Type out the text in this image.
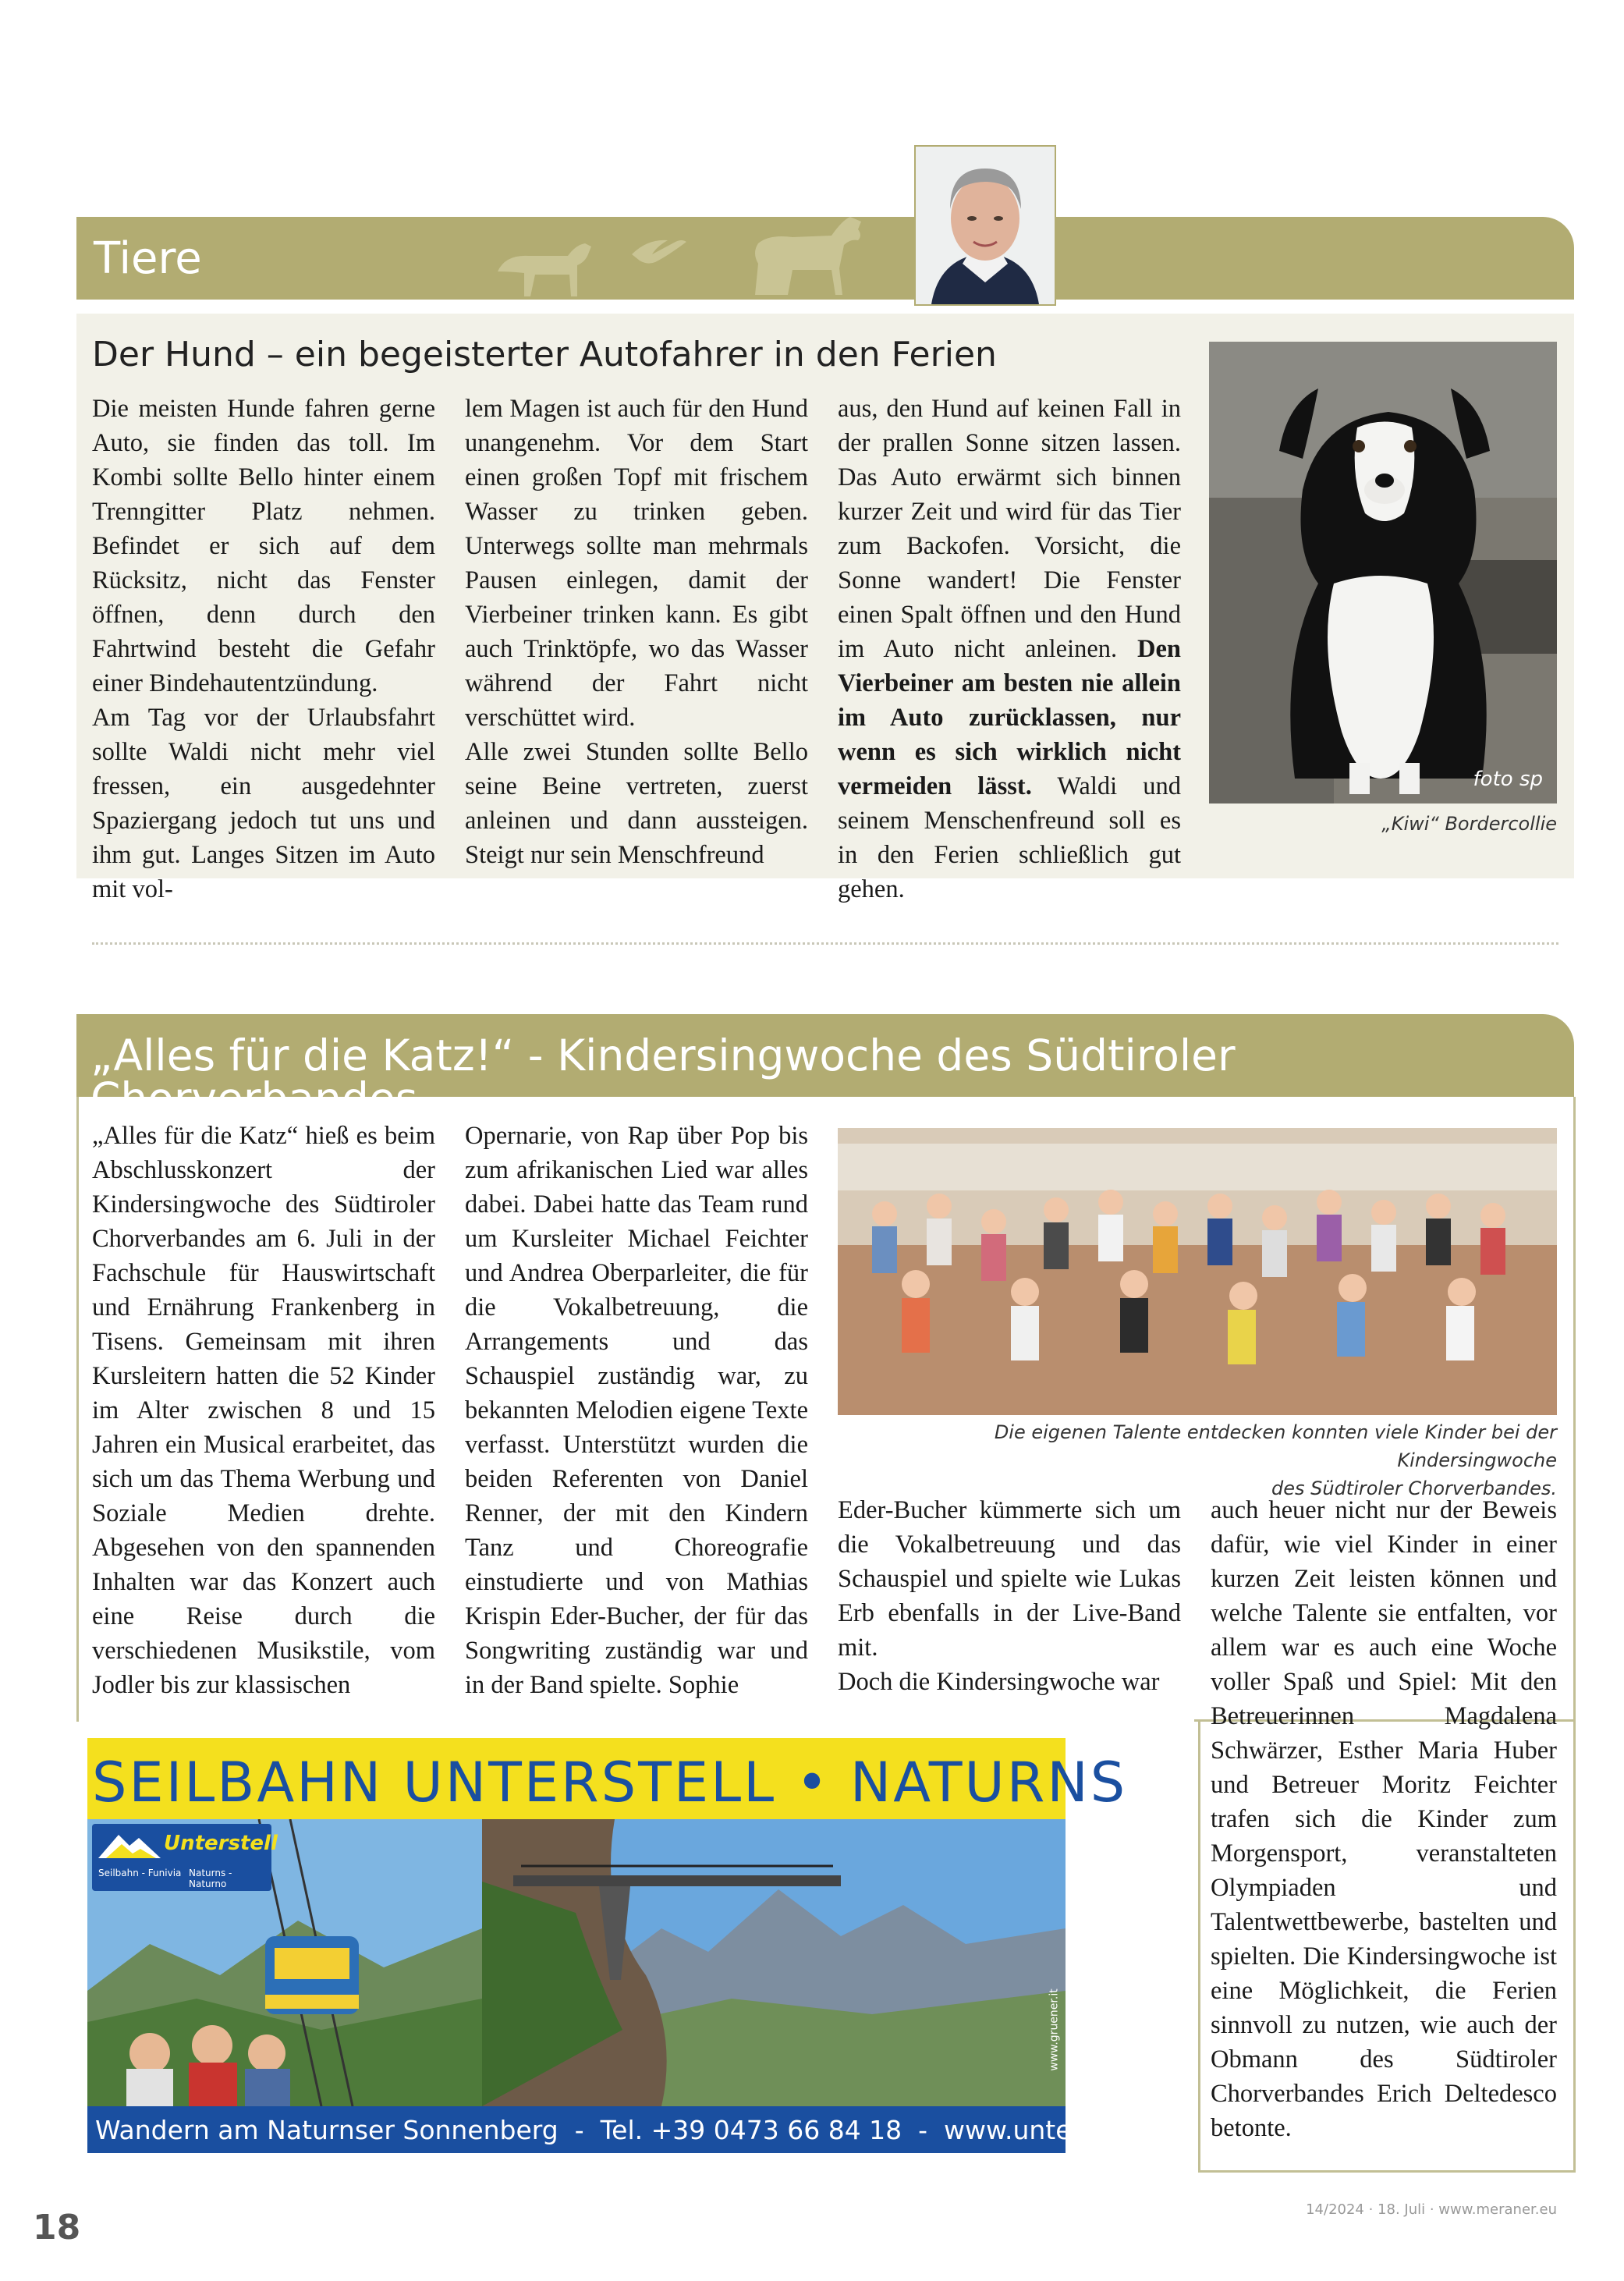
Tiere
Der Hund – ein begeisterter Autofahrer in den Ferien

Die meisten Hunde fahren gerne Auto, sie finden das toll. Im Kombi sollte Bello hinter einem Trenngitter Platz nehmen. Befindet er sich auf dem Rücksitz, nicht das Fenster öffnen, denn durch den Fahrtwind besteht die Gefahr einer Bindehautentzündung.

Am Tag vor der Urlaubsfahrt sollte Waldi nicht mehr viel fressen, ein ausgedehnter Spaziergang jedoch tut uns und ihm gut. Langes Sitzen im Auto mit vol-

lem Magen ist auch für den Hund unangenehm. Vor dem Start einen großen Topf mit frischem Wasser zu trinken geben. Unterwegs sollte man mehrmals Pausen einlegen, damit der Vierbeiner trinken kann. Es gibt auch Trinktöpfe, wo das Wasser während der Fahrt nicht verschüttet wird.

Alle zwei Stunden sollte Bello seine Beine vertreten, zuerst anleinen und dann aussteigen. Steigt nur sein Menschfreund

aus, den Hund auf keinen Fall in der prallen Sonne sitzen lassen. Das Auto erwärmt sich binnen kurzer Zeit und wird für das Tier zum Backofen. Vorsicht, die Sonne wandert! Die Fenster einen Spalt öffnen und den Hund im Auto nicht anleinen. Den Vierbeiner am besten nie allein im Auto zurücklassen, nur wenn es sich wirklich nicht vermeiden lässt. Waldi und seinem Menschenfreund soll es in den Ferien schließlich gut gehen.

foto sp
„Kiwi“ Bordercollie
„Alles für die Katz!“ - Kindersingwoche des Südtiroler Chorverbandes

„Alles für die Katz“ hieß es beim Abschlusskonzert der Kindersingwoche des Südtiroler Chorverbandes am 6. Juli in der Fachschule für Hauswirtschaft und Ernährung Frankenberg in Tisens. Gemeinsam mit ihren Kursleitern hatten die 52 Kinder im Alter zwischen 8 und 15 Jahren ein Musical erarbeitet, das sich um das Thema Werbung und Soziale Medien drehte. Abgesehen von den spannenden Inhalten war das Konzert auch eine Reise durch die verschiedenen Musikstile, vom Jodler bis zur klassischen

Opernarie, von Rap über Pop bis zum afrikanischen Lied war alles dabei. Dabei hatte das Team rund um Kursleiter Michael Feichter und Andrea Oberparleiter, die für die Vokalbetreuung, die Arrangements und das Schauspiel zuständig war, zu bekannten Melodien eigene Texte verfasst. Unterstützt wurden die beiden Referenten von Daniel Renner, der mit den Kindern Tanz und Choreografie einstudierte und von Mathias Krispin Eder-Bucher, der für das Songwriting zuständig war und in der Band spielte. Sophie

Die eigenen Talente entdecken konnten viele Kinder bei der Kindersingwoche
des Südtiroler Chorverbandes.

Eder-Bucher kümmerte sich um die Vokalbetreuung und das Schauspiel und spielte wie Lukas Erb ebenfalls in der Live-Band mit.

Doch die Kindersingwoche war

auch heuer nicht nur der Beweis dafür, wie viel Kinder in einer kurzen Zeit leisten können und welche Talente sie entfalten, vor allem war es auch eine Woche voller Spaß und Spiel: Mit den Betreuerinnen Magdalena Schwärzer, Esther Maria Huber und Betreuer Moritz Feichter trafen sich die Kinder zum Morgensport, veranstalteten Olympiaden und Talentwettbewerbe, bastelten und spielten. Die Kindersingwoche ist eine Möglichkeit, die Ferien sinnvoll zu nutzen, wie auch der Obmann des Südtiroler Chorverbandes Erich Deltedesco betonte.

SEILBAHN UNTERSTELL • NATURNS
Unterstell
Seilbahn - Funivia Naturns - Naturno
www.gruener.it
Wandern am Naturnser Sonnenberg  -  Tel. +39 0473 66 84 18  -  www.unterstell.it
18	14/2024 · 18. Juli · www.meraner.eu
